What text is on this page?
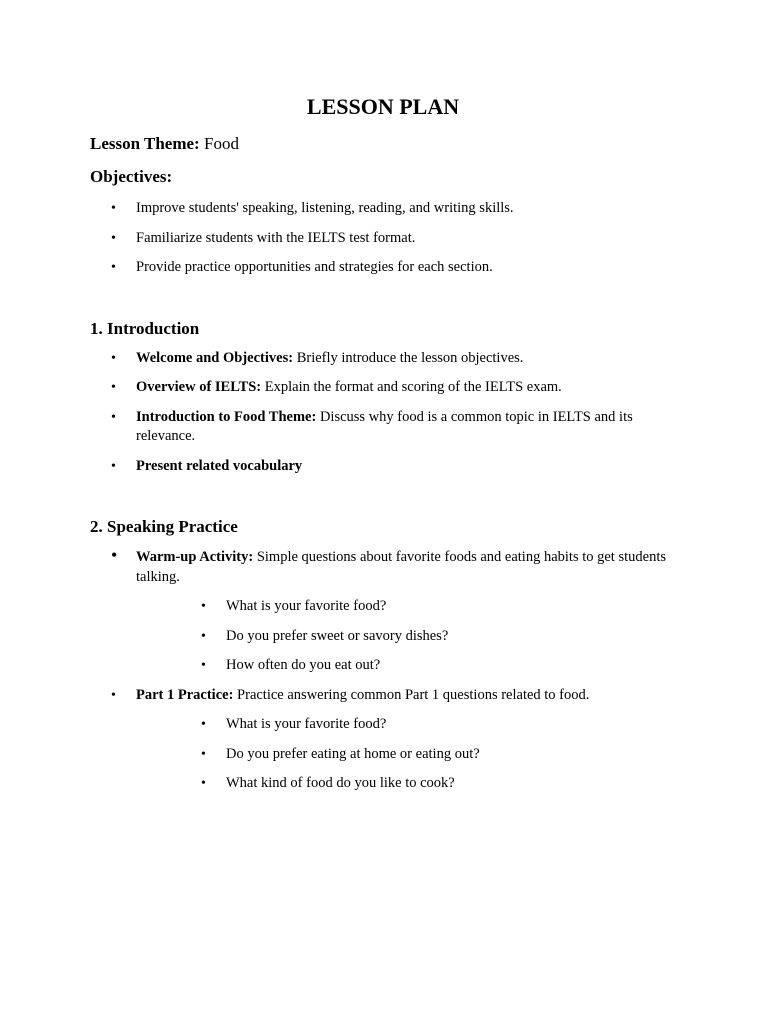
LESSON PLAN
Lesson Theme: Food
Objectives:
• Improve students' speaking, listening, reading, and writing skills.
• Familiarize students with the IELTS test format.
• Provide practice opportunities and strategies for each section.
1. Introduction
• Welcome and Objectives: Briefly introduce the lesson objectives.
• Overview of IELTS: Explain the format and scoring of the IELTS exam.
• Introduction to Food Theme: Discuss why food is a common topic in IELTS and its relevance.
• Present related vocabulary
2. Speaking Practice
• Warm-up Activity: Simple questions about favorite foods and eating habits to get students talking.
• What is your favorite food?
• Do you prefer sweet or savory dishes?
• How often do you eat out?
• Part 1 Practice: Practice answering common Part 1 questions related to food.
• What is your favorite food?
• Do you prefer eating at home or eating out?
• What kind of food do you like to cook?
